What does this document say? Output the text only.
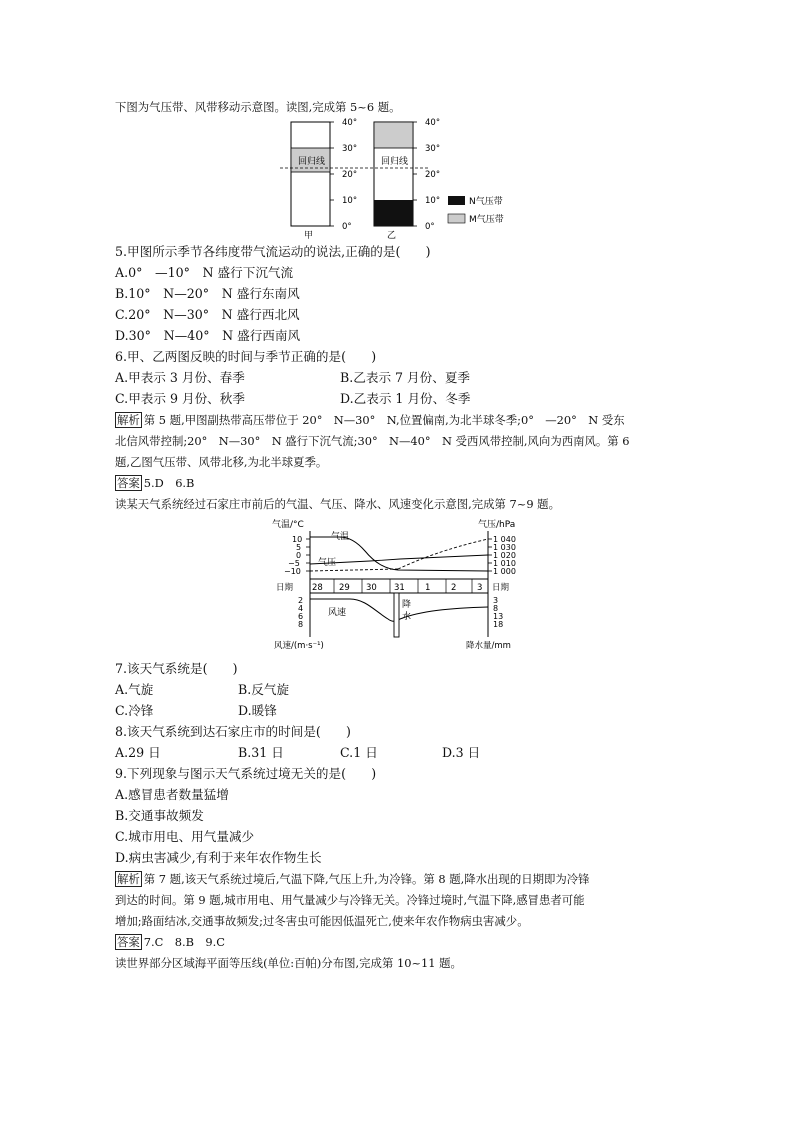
下图为气压带、风带移动示意图。读图,完成第 5~6 题。
回归线	回归线
40°
30°
20°
10°
0°
40°
30°
20°
10°
0°
甲	乙
N气压带
M气压带
5.甲图所示季节各纬度带气流运动的说法,正确的是(　　)
A.0°　—10°　N 盛行下沉气流
B.10°　N—20°　N 盛行东南风
C.20°　N—30°　N 盛行西北风
D.30°　N—40°　N 盛行西南风
6.甲、乙两图反映的时间与季节正确的是(　　)
A.甲表示 3 月份、春季	B.乙表示 7 月份、夏季
C.甲表示 9 月份、秋季	D.乙表示 1 月份、冬季
解析 第 5 题,甲图副热带高压带位于 20°　N—30°　N,位置偏南,为北半球冬季;0°　—20°　N 受东
北信风带控制;20°　N—30°　N 盛行下沉气流;30°　N—40°　N 受西风带控制,风向为西南风。第 6
题,乙图气压带、风带北移,为北半球夏季。
答案 5.D　6.B
读某天气系统经过石家庄市前后的气温、气压、降水、风速变化示意图,完成第 7~9 题。
气温/°C	气压/hPa
10
5
0
−5
−10
1 040
1 030
1 020
1 010
1 000
气温
气压
日期	日期
28 29 30 31 1 2 3
2
4
6
8
3
8
13
18
风速
降
水
风速/(m·s⁻¹)	降水量/mm
7.该天气系统是(　　)
A.气旋	B.反气旋
C.冷锋	D.暖锋
8.该天气系统到达石家庄市的时间是(　　)
A.29 日	B.31 日	C.1 日	D.3 日
9.下列现象与图示天气系统过境无关的是(　　)
A.感冒患者数量猛增
B.交通事故频发
C.城市用电、用气量减少
D.病虫害减少,有利于来年农作物生长
解析 第 7 题,该天气系统过境后,气温下降,气压上升,为冷锋。第 8 题,降水出现的日期即为冷锋
到达的时间。第 9 题,城市用电、用气量减少与冷锋无关。冷锋过境时,气温下降,感冒患者可能
增加;路面结冰,交通事故频发;过冬害虫可能因低温死亡,使来年农作物病虫害减少。
答案 7.C　8.B　9.C
读世界部分区域海平面等压线(单位:百帕)分布图,完成第 10~11 题。
